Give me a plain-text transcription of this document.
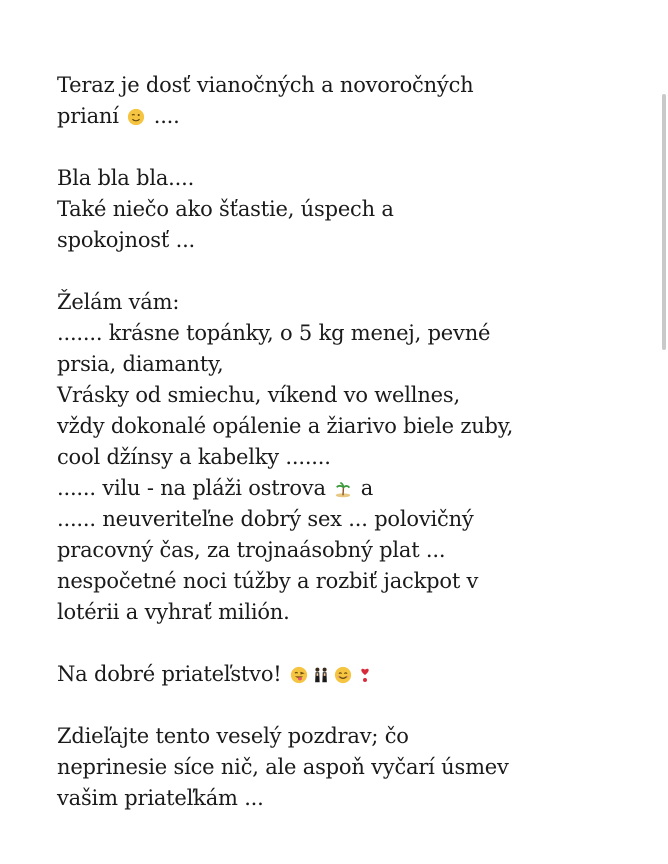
Teraz je dosť vianočných a novoročných
prianí  ....

Bla bla bla....
Také niečo ako šťastie, úspech a
spokojnosť ...

Želám vám:
....... krásne topánky, o 5 kg menej, pevné
prsia, diamanty,
Vrásky od smiechu, víkend vo wellnes,
vždy dokonalé opálenie a žiarivo biele zuby,
cool džínsy a kabelky .......
...... vilu - na pláži ostrova  a
...... neuveriteľne dobrý sex ... polovičný
pracovný čas, za trojnaásobný plat ...
nespočetné noci túžby a rozbiť jackpot v
lotérii a vyhrať milión.

Na dobré priateľstvo!

Zdieľajte tento veselý pozdrav; čo
neprinesie síce nič, ale aspoň vyčarí úsmev
vašim priateľkám ...
